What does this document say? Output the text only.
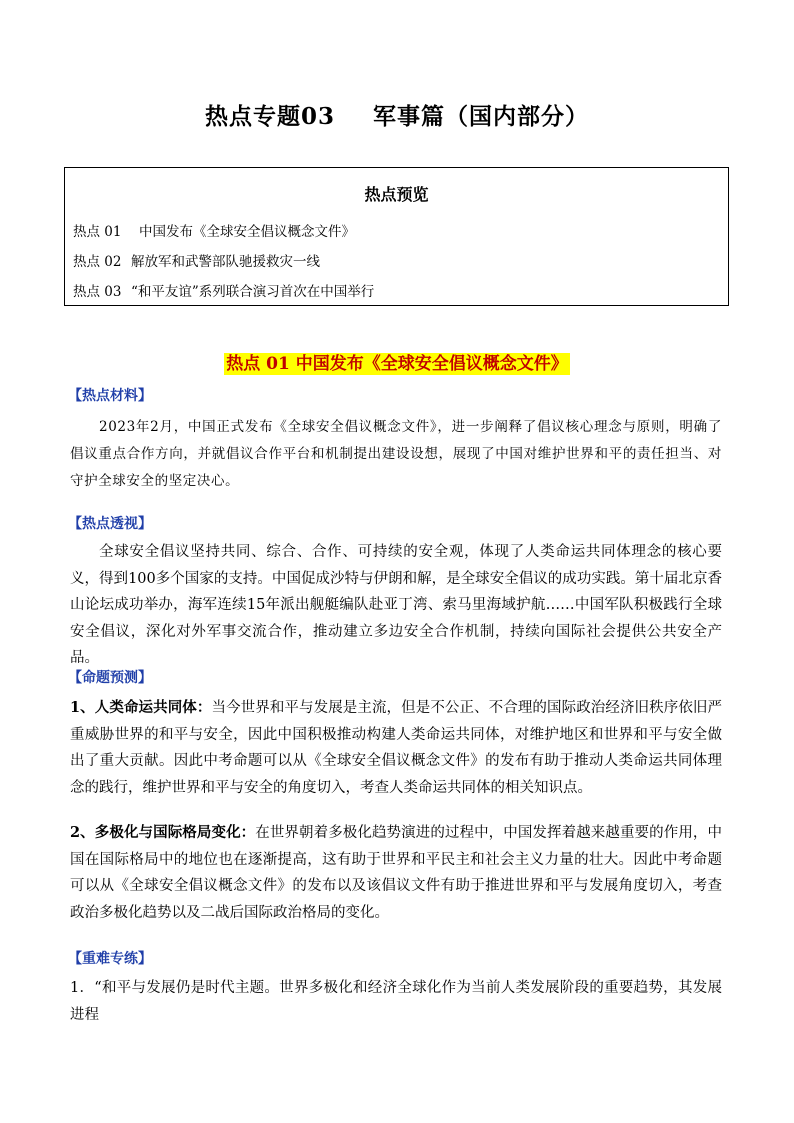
热点专题03 军事篇（国内部分）
热点预览
热点 01 中国发布《全球安全倡议概念文件》
热点 02 解放军和武警部队驰援救灾一线
热点 03 “和平友谊”系列联合演习首次在中国举行
热点 01 中国发布《全球安全倡议概念文件》
【热点材料】
2023年2月，中国正式发布《全球安全倡议概念文件》，进一步阐释了倡议核心理念与原则，明确了倡议重点合作方向，并就倡议合作平台和机制提出建设设想，展现了中国对维护世界和平的责任担当、对守护全球安全的坚定决心。
【热点透视】
全球安全倡议坚持共同、综合、合作、可持续的安全观，体现了人类命运共同体理念的核心要义，得到100多个国家的支持。中国促成沙特与伊朗和解，是全球安全倡议的成功实践。第十届北京香山论坛成功举办，海军连续15年派出舰艇编队赴亚丁湾、索马里海域护航……中国军队积极践行全球安全倡议，深化对外军事交流合作，推动建立多边安全合作机制，持续向国际社会提供公共安全产品。
【命题预测】
1、人类命运共同体：当今世界和平与发展是主流，但是不公正、不合理的国际政治经济旧秩序依旧严重威胁世界的和平与安全，因此中国积极推动构建人类命运共同体，对维护地区和世界和平与安全做出了重大贡献。因此中考命题可以从《全球安全倡议概念文件》的发布有助于推动人类命运共同体理念的践行，维护世界和平与安全的角度切入，考查人类命运共同体的相关知识点。
2、多极化与国际格局变化：在世界朝着多极化趋势演进的过程中，中国发挥着越来越重要的作用，中国在国际格局中的地位也在逐渐提高，这有助于世界和平民主和社会主义力量的壮大。因此中考命题可以从《全球安全倡议概念文件》的发布以及该倡议文件有助于推进世界和平与发展角度切入，考查政治多极化趋势以及二战后国际政治格局的变化。
【重难专练】
1．“和平与发展仍是时代主题。世界多极化和经济全球化作为当前人类发展阶段的重要趋势，其发展进程
